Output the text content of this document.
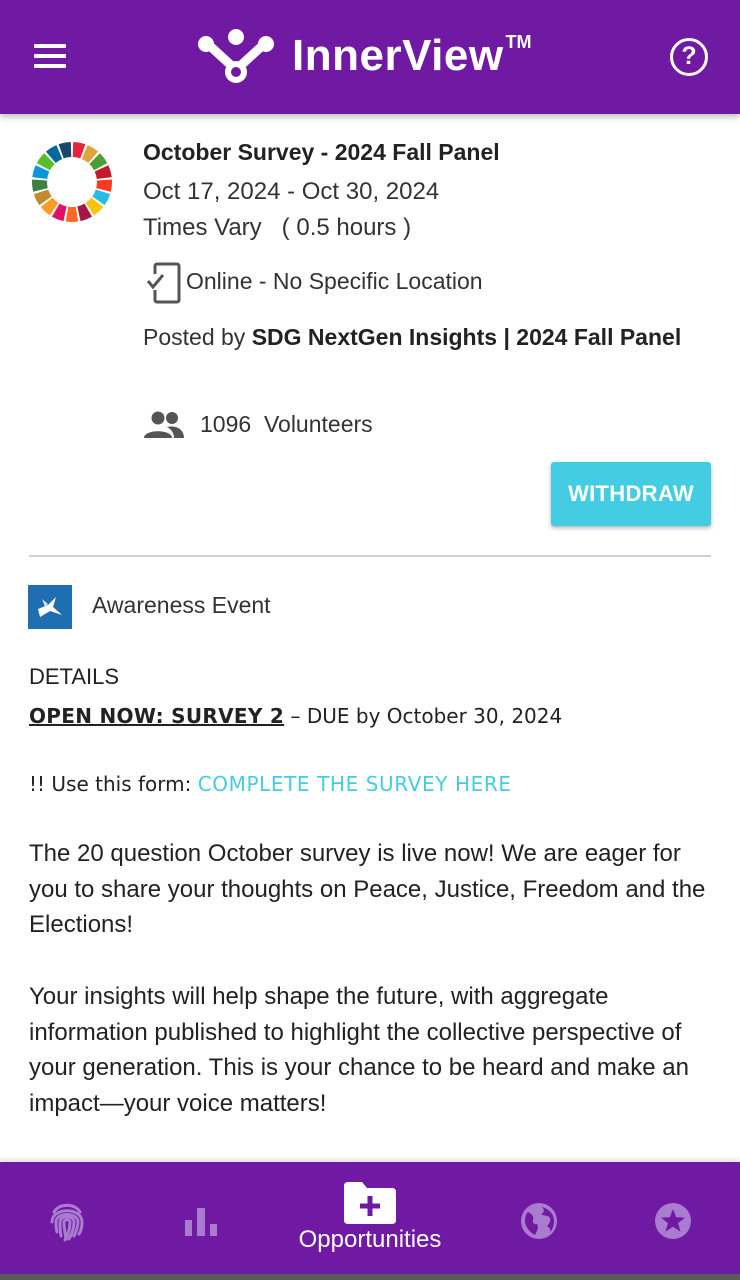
InnerView TM
?
October Survey - 2024 Fall Panel
Oct 17, 2024 - Oct 30, 2024
Times Vary   ( 0.5 hours )
Online - No Specific Location
Posted by SDG NextGen Insights | 2024 Fall Panel
1096 Volunteers
WITHDRAW
Awareness Event
DETAILS
OPEN NOW: SURVEY 2 – DUE by October 30, 2024
!! Use this form: COMPLETE THE SURVEY HERE
The 20 question October survey is live now! We are eager for you to share your thoughts on Peace, Justice, Freedom and the Elections!
Your insights will help shape the future, with aggregate information published to highlight the collective perspective of your generation. This is your chance to be heard and make an impact—your voice matters!
Opportunities
